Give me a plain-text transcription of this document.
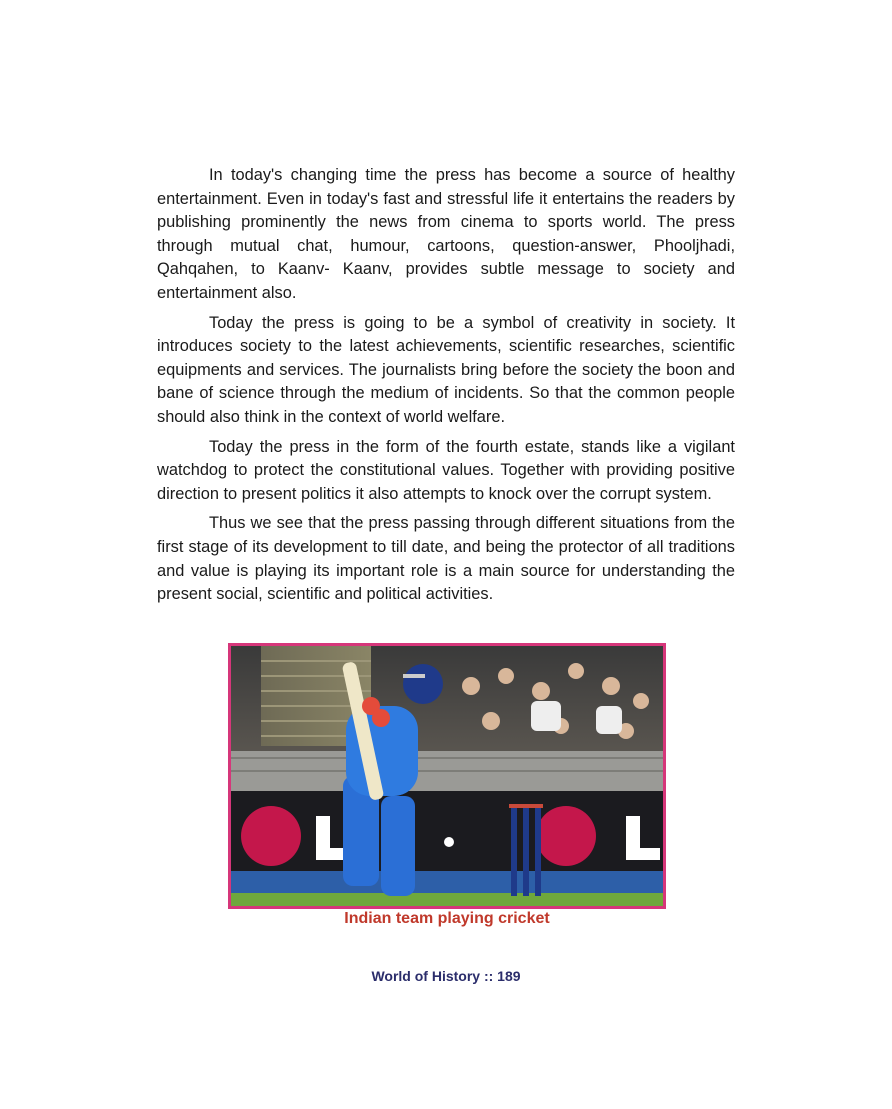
In today's changing time the press has become a source of healthy entertainment. Even in today's fast and stressful life it entertains the readers by publishing prominently the news from cinema to sports world. The press through mutual chat, humour, cartoons, question-answer, Phooljhadi, Qahqahen, to Kaanv- Kaanv, provides subtle message to society and entertainment also.

Today the press is going to be a symbol of creativity in society. It introduces society to the latest achievements, scientific researches, scientific equipments and services. The journalists bring before the society the boon and bane of science through the medium of incidents. So that the common people should also think in the context of world welfare.

Today the press in the form of the fourth estate, stands like a vigilant watchdog to protect the constitutional values. Together with providing positive direction to present politics it also attempts to knock over the corrupt system.

Thus we see that the press passing through different situations from the first stage of its development to till date, and being the protector of all traditions and value is playing its important role is a main source for understanding the present social, scientific and political activities.

Indian team playing cricket
World of History :: 189
